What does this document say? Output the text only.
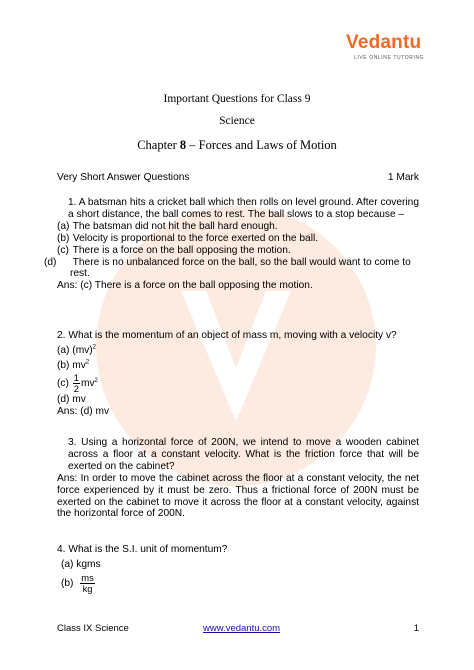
Vedantu
LIVE ONLINE TUTORING
Important Questions for Class 9
Science
Chapter 8 – Forces and Laws of Motion
Very Short Answer Questions	1 Mark
1. A batsman hits a cricket ball which then rolls on level ground. After covering a short distance, the ball comes to rest. The ball slows to a stop because –
(a) The batsman did not hit the ball hard enough.
(b) Velocity is proportional to the force exerted on the ball.
(c) There is a force on the ball opposing the motion.
(d) There is no unbalanced force on the ball, so the ball would want to come to rest.
Ans: (c) There is a force on the ball opposing the motion.
2. What is the momentum of an object of mass m, moving with a velocity v?
(a) (mv)$^2$
(b) $mv^2$
$(c) \frac{1}{2} mv^2$
(d) mv
Ans: (d) mv
3. Using a horizontal force of 200N, we intend to move a wooden cabinet across a floor at a constant velocity. What is the friction force that will be exerted on the cabinet?
Ans: In order to move the cabinet across the floor at a constant velocity, the net force experienced by it must be zero. Thus a frictional force of 200N must be exerted on the cabinet to move it across the floor at a constant velocity, against the horizontal force of 200N.
4. What is the S.I. unit of momentum?
(a) kgms
$(b) \frac{ms}{kg}$
Class IX Science	www.vedantu.com	1
